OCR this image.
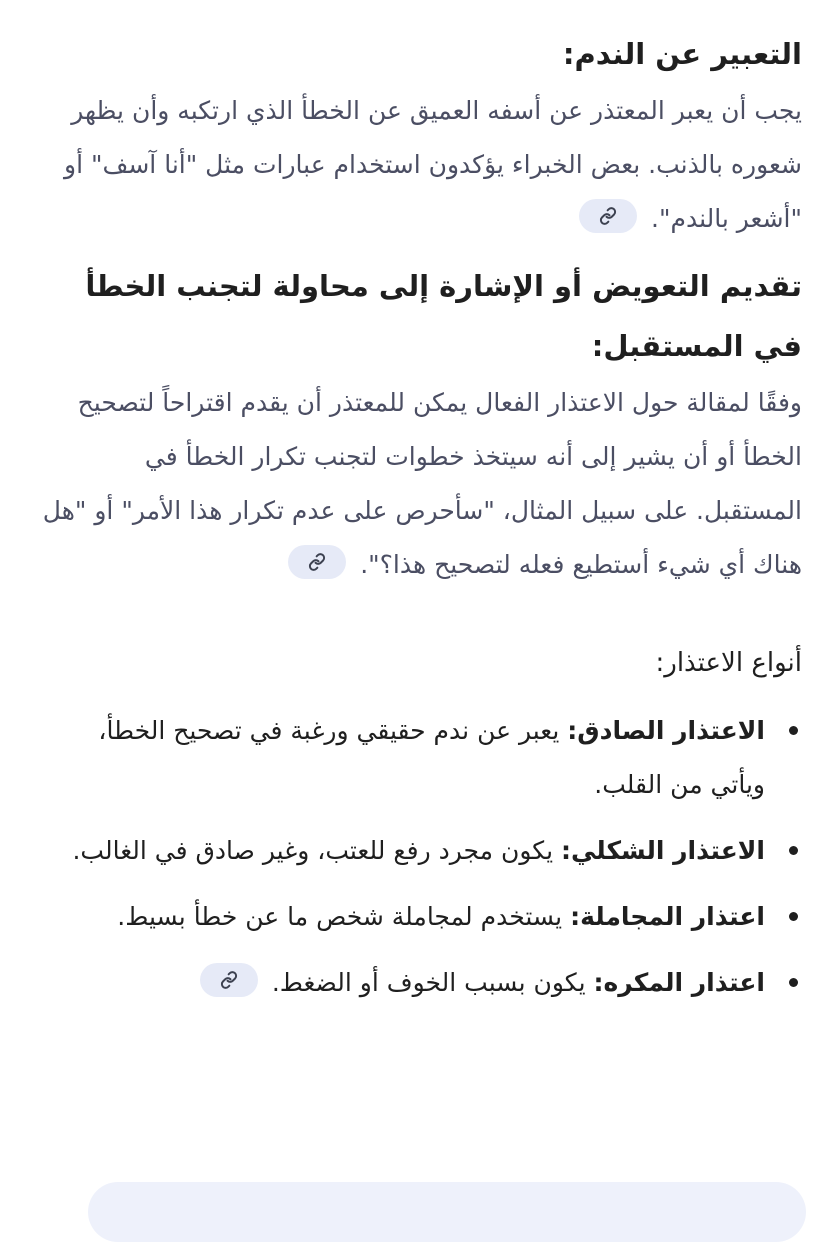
التعبير عن الندم:

يجب أن يعبر المعتذر عن أسفه العميق عن الخطأ الذي ارتكبه وأن يظهر شعوره بالذنب. بعض الخبراء يؤكدون استخدام عبارات مثل "أنا آسف" أو "أشعر بالندم".

تقديم التعويض أو الإشارة إلى محاولة لتجنب الخطأ في المستقبل:

وفقًا لمقالة حول الاعتذار الفعال يمكن للمعتذر أن يقدم اقتراحاً لتصحيح الخطأ أو أن يشير إلى أنه سيتخذ خطوات لتجنب تكرار الخطأ في المستقبل. على سبيل المثال، "سأحرص على عدم تكرار هذا الأمر" أو "هل هناك أي شيء أستطيع فعله لتصحيح هذا؟".

أنواع الاعتذار:
الاعتذار الصادق: يعبر عن ندم حقيقي ورغبة في تصحيح الخطأ، ويأتي من القلب.
الاعتذار الشكلي: يكون مجرد رفع للعتب، وغير صادق في الغالب.
اعتذار المجاملة: يستخدم لمجاملة شخص ما عن خطأ بسيط.
اعتذار المكره: يكون بسبب الخوف أو الضغط.
